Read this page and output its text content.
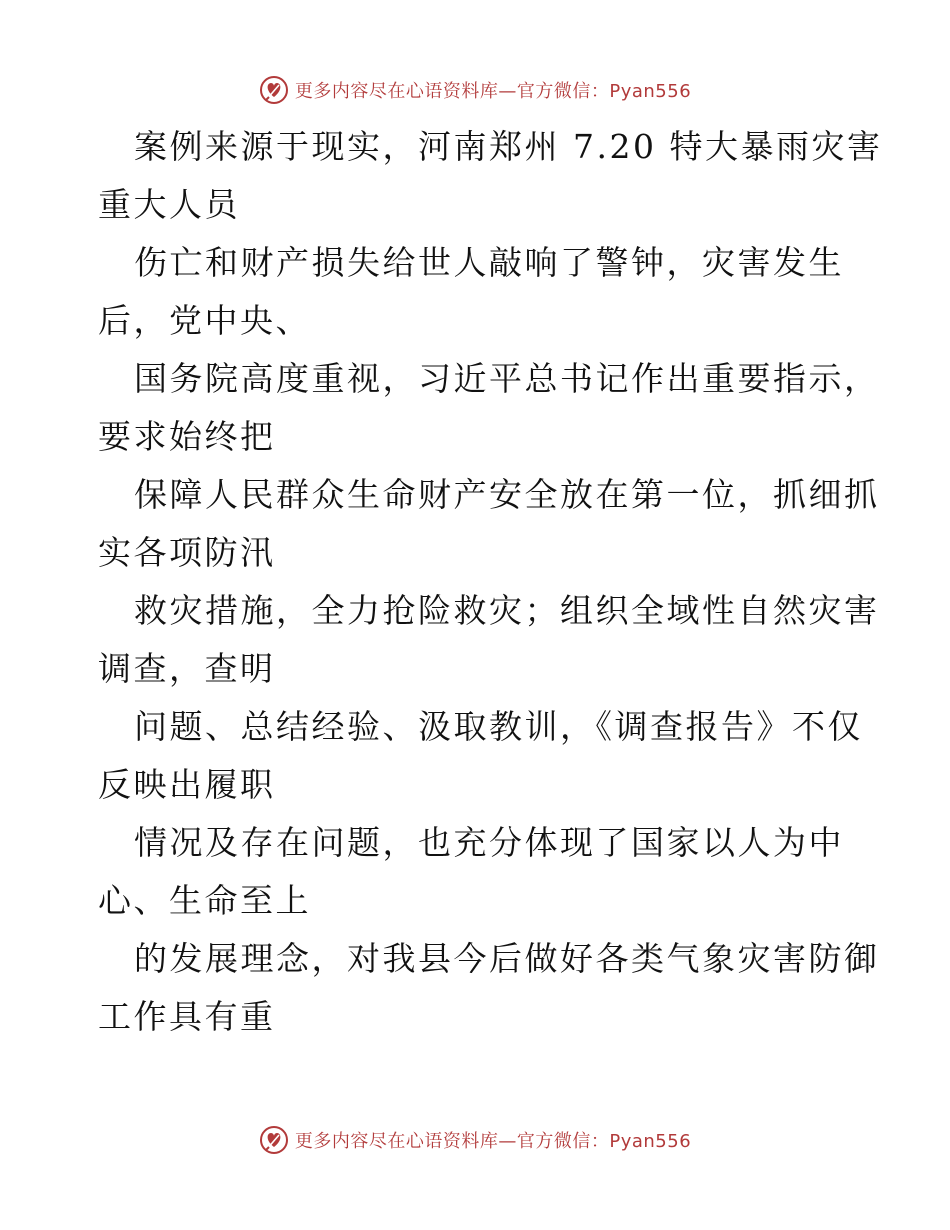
更多内容尽在心语资料库—官方微信：Pyan556
案例来源于现实，河南郑州 7.20 特大暴雨灾害
重大人员
伤亡和财产损失给世人敲响了警钟，灾害发生
后，党中央、
国务院高度重视，习近平总书记作出重要指示，
要求始终把
保障人民群众生命财产安全放在第一位，抓细抓
实各项防汛
救灾措施，全力抢险救灾；组织全域性自然灾害
调查，查明
问题、总结经验、汲取教训，《调查报告》不仅
反映出履职
情况及存在问题，也充分体现了国家以人为中
心、生命至上
的发展理念，对我县今后做好各类气象灾害防御
工作具有重
更多内容尽在心语资料库—官方微信：Pyan556
